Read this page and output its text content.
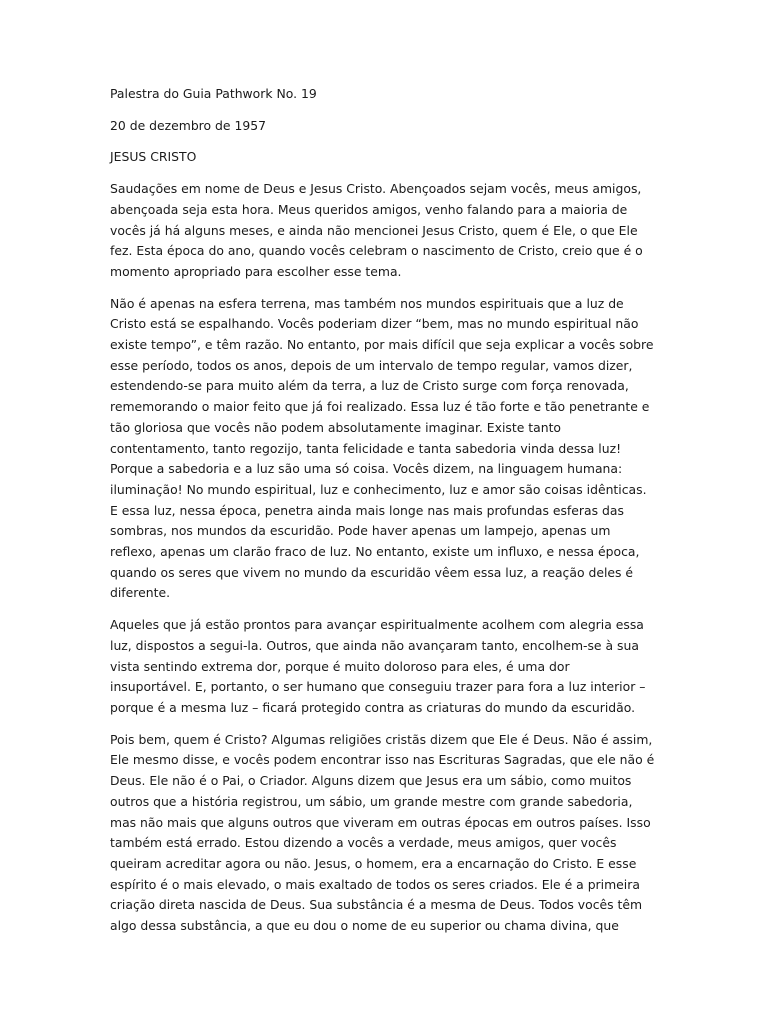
Palestra do Guia Pathwork No. 19

20 de dezembro de 1957

JESUS CRISTO

Saudações em nome de Deus e Jesus Cristo. Abençoados sejam vocês, meus amigos,
abençoada seja esta hora. Meus queridos amigos, venho falando para a maioria de
vocês já há alguns meses, e ainda não mencionei Jesus Cristo, quem é Ele, o que Ele
fez. Esta época do ano, quando vocês celebram o nascimento de Cristo, creio que é o
momento apropriado para escolher esse tema.

Não é apenas na esfera terrena, mas também nos mundos espirituais que a luz de
Cristo está se espalhando. Vocês poderiam dizer “bem, mas no mundo espiritual não
existe tempo”, e têm razão. No entanto, por mais difícil que seja explicar a vocês sobre
esse período, todos os anos, depois de um intervalo de tempo regular, vamos dizer,
estendendo-se para muito além da terra, a luz de Cristo surge com força renovada,
rememorando o maior feito que já foi realizado. Essa luz é tão forte e tão penetrante e
tão gloriosa que vocês não podem absolutamente imaginar. Existe tanto
contentamento, tanto regozijo, tanta felicidade e tanta sabedoria vinda dessa luz!
Porque a sabedoria e a luz são uma só coisa. Vocês dizem, na linguagem humana:
iluminação! No mundo espiritual, luz e conhecimento, luz e amor são coisas idênticas.
E essa luz, nessa época, penetra ainda mais longe nas mais profundas esferas das
sombras, nos mundos da escuridão. Pode haver apenas um lampejo, apenas um
reflexo, apenas um clarão fraco de luz. No entanto, existe um influxo, e nessa época,
quando os seres que vivem no mundo da escuridão vêem essa luz, a reação deles é
diferente.

Aqueles que já estão prontos para avançar espiritualmente acolhem com alegria essa
luz, dispostos a segui-la. Outros, que ainda não avançaram tanto, encolhem-se à sua
vista sentindo extrema dor, porque é muito doloroso para eles, é uma dor
insuportável. E, portanto, o ser humano que conseguiu trazer para fora a luz interior –
porque é a mesma luz – ficará protegido contra as criaturas do mundo da escuridão.

Pois bem, quem é Cristo? Algumas religiões cristãs dizem que Ele é Deus. Não é assim,
Ele mesmo disse, e vocês podem encontrar isso nas Escrituras Sagradas, que ele não é
Deus. Ele não é o Pai, o Criador. Alguns dizem que Jesus era um sábio, como muitos
outros que a história registrou, um sábio, um grande mestre com grande sabedoria,
mas não mais que alguns outros que viveram em outras épocas em outros países. Isso
também está errado. Estou dizendo a vocês a verdade, meus amigos, quer vocês
queiram acreditar agora ou não. Jesus, o homem, era a encarnação do Cristo. E esse
espírito é o mais elevado, o mais exaltado de todos os seres criados. Ele é a primeira
criação direta nascida de Deus. Sua substância é a mesma de Deus. Todos vocês têm
algo dessa substância, a que eu dou o nome de eu superior ou chama divina, que
